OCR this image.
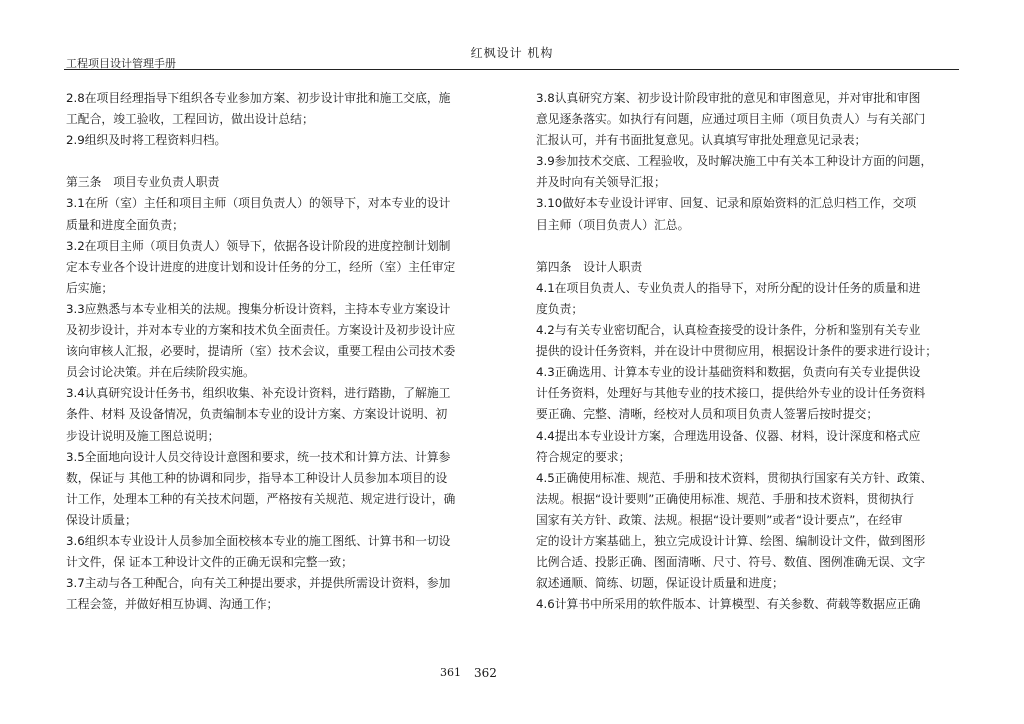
红枫设计 机构
工程项目设计管理手册
2.8在项目经理指导下组织各专业参加方案、初步设计审批和施工交底，施
工配合，竣工验收，工程回访，做出设计总结；
2.9组织及时将工程资料归档。
第三条　项目专业负责人职责
3.1在所（室）主任和项目主师（项目负责人）的领导下，对本专业的设计
质量和进度全面负责；
3.2在项目主师（项目负责人）领导下，依据各设计阶段的进度控制计划制
定本专业各个设计进度的进度计划和设计任务的分工，经所（室）主任审定
后实施；
3.3应熟悉与本专业相关的法规。搜集分析设计资料，主持本专业方案设计
及初步设计，并对本专业的方案和技术负全面责任。方案设计及初步设计应
该向审核人汇报，必要时，提请所（室）技术会议，重要工程由公司技术委
员会讨论决策。并在后续阶段实施。
3.4认真研究设计任务书，组织收集、补充设计资料，进行踏勘，了解施工
条件、材料 及设备情况，负责编制本专业的设计方案、方案设计说明、初
步设计说明及施工图总说明；
3.5全面地向设计人员交待设计意图和要求，统一技术和计算方法、计算参
数，保证与 其他工种的协调和同步，指导本工种设计人员参加本项目的设
计工作，处理本工种的有关技术问题，严格按有关规范、规定进行设计，确
保设计质量；
3.6组织本专业设计人员参加全面校核本专业的施工图纸、计算书和一切设
计文件，保 证本工种设计文件的正确无误和完整一致；
3.7主动与各工种配合，向有关工种提出要求，并提供所需设计资料，参加
工程会签，并做好相互协调、沟通工作；
3.8认真研究方案、初步设计阶段审批的意见和审图意见，并对审批和审图
意见逐条落实。如执行有问题，应通过项目主师（项目负责人）与有关部门
汇报认可，并有书面批复意见。认真填写审批处理意见记录表；
3.9参加技术交底、工程验收，及时解决施工中有关本工种设计方面的问题，
并及时向有关领导汇报；
3.10做好本专业设计评审、回复、记录和原始资料的汇总归档工作，交项
目主师（项目负责人）汇总。
第四条　设计人职责
4.1在项目负责人、专业负责人的指导下，对所分配的设计任务的质量和进
度负责；
4.2与有关专业密切配合，认真检查接受的设计条件，分析和鉴别有关专业
提供的设计任务资料，并在设计中贯彻应用，根据设计条件的要求进行设计；
4.3正确选用、计算本专业的设计基础资料和数据，负责向有关专业提供设
计任务资料，处理好与其他专业的技术接口，提供给外专业的设计任务资料
要正确、完整、清晰，经校对人员和项目负责人签署后按时提交；
4.4提出本专业设计方案，合理选用设备、仪器、材料，设计深度和格式应
符合规定的要求；
4.5正确使用标准、规范、手册和技术资料，贯彻执行国家有关方针、政策、
法规。根据“设计要则”正确使用标准、规范、手册和技术资料，贯彻执行
国家有关方针、政策、法规。根据“设计要则”或者“设计要点”，在经审
定的设计方案基础上，独立完成设计计算、绘图、编制设计文件，做到图形
比例合适、投影正确、图面清晰、尺寸、符号、数值、图例准确无误、文字
叙述通顺、简练、切题，保证设计质量和进度；
4.6计算书中所采用的软件版本、计算模型、有关参数、荷载等数据应正确
361 362
